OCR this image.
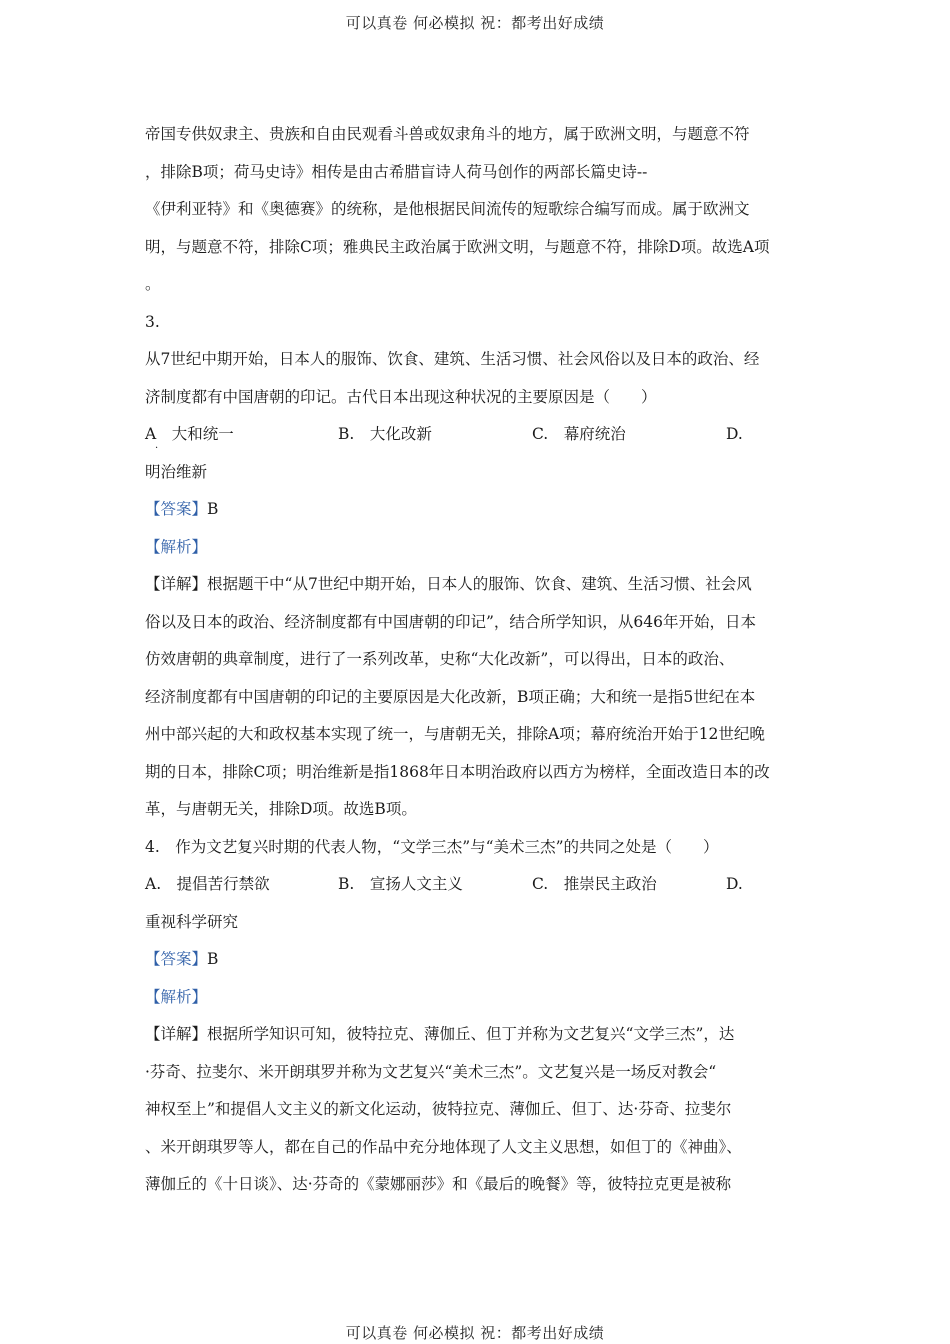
可以真卷 何必模拟 祝：都考出好成绩
帝国专供奴隶主、贵族和自由民观看斗兽或奴隶角斗的地方，属于欧洲文明，与题意不符
，排除B项；荷马史诗》相传是由古希腊盲诗人荷马创作的两部长篇史诗--
《伊利亚特》和《奥德赛》的统称，是他根据民间流传的短歌综合编写而成。属于欧洲文
明，与题意不符，排除C项；雅典民主政治属于欧洲文明，与题意不符，排除D项。故选A项
。
3.
从7世纪中期开始，日本人的服饰、饮食、建筑、生活习惯、社会风俗以及日本的政治、经
济制度都有中国唐朝的印记。古代日本出现这种状况的主要原因是（　　）
A　大和统一
·
B.　大化改新	C.　幕府统治	D.
明治维新
【答案】B
【解析】
【详解】根据题干中“从7世纪中期开始，日本人的服饰、饮食、建筑、生活习惯、社会风
俗以及日本的政治、经济制度都有中国唐朝的印记”，结合所学知识，从646年开始，日本
仿效唐朝的典章制度，进行了一系列改革，史称“大化改新”，可以得出，日本的政治、
经济制度都有中国唐朝的印记的主要原因是大化改新，B项正确；大和统一是指5世纪在本
州中部兴起的大和政权基本实现了统一，与唐朝无关，排除A项；幕府统治开始于12世纪晚
期的日本，排除C项；明治维新是指1868年日本明治政府以西方为榜样，全面改造日本的改
革，与唐朝无关，排除D项。故选B项。
4.　作为文艺复兴时期的代表人物，“文学三杰”与“美术三杰”的共同之处是（　　）
A.　提倡苦行禁欲	B.　宣扬人文主义	C.　推崇民主政治	D.
重视科学研究
【答案】B
【解析】
【详解】根据所学知识可知，彼特拉克、薄伽丘、但丁并称为文艺复兴“文学三杰”，达
·芬奇、拉斐尔、米开朗琪罗并称为文艺复兴“美术三杰”。文艺复兴是一场反对教会“
神权至上”和提倡人文主义的新文化运动，彼特拉克、薄伽丘、但丁、达·芬奇、拉斐尔
、米开朗琪罗等人，都在自己的作品中充分地体现了人文主义思想，如但丁的《神曲》、
薄伽丘的《十日谈》、达·芬奇的《蒙娜丽莎》和《最后的晚餐》等，彼特拉克更是被称
可以真卷 何必模拟 祝：都考出好成绩
